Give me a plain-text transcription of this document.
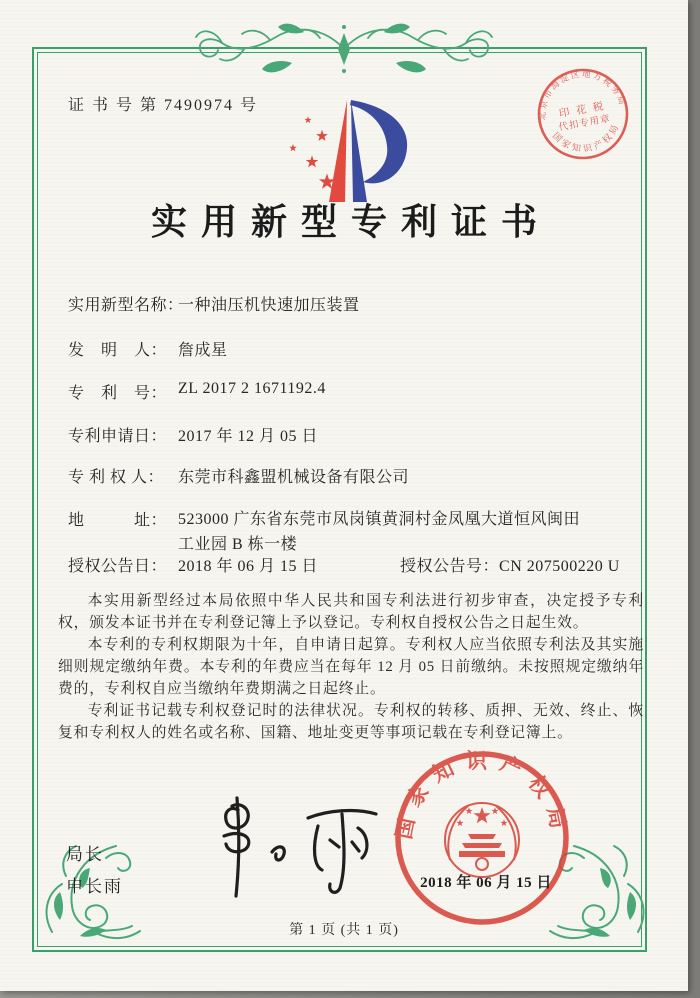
证 书 号 第 7490974 号
北京市海淀区地方税务局
印 花 税
代扣专用章
国家知识产权局
实用新型专利证书
实用新型名称：一种油压机快速加压装置
发　明　人： 詹成星
专　利　号： ZL 2017 2 1671192.4
专利申请日： 2017 年 12 月 05 日
专 利 权 人： 东莞市科鑫盟机械设备有限公司
地　　　址： 523000 广东省东莞市凤岗镇黄洞村金凤凰大道恒风闽田
工业园 B 栋一楼
授权公告日： 2018 年 06 月 15 日	授权公告号：CN 207500220 U

本实用新型经过本局依照中华人民共和国专利法进行初步审查，决定授予专利权，颁发本证书并在专利登记簿上予以登记。专利权自授权公告之日起生效。

本专利的专利权期限为十年，自申请日起算。专利权人应当依照专利法及其实施细则规定缴纳年费。本专利的年费应当在每年 12 月 05 日前缴纳。未按照规定缴纳年费的，专利权自应当缴纳年费期满之日起终止。

专利证书记载专利权登记时的法律状况。专利权的转移、质押、无效、终止、恢复和专利权人的姓名或名称、国籍、地址变更等事项记载在专利登记簿上。

局长
申长雨
国家知识产权局
2018 年 06 月 15 日
第 1 页 (共 1 页)
